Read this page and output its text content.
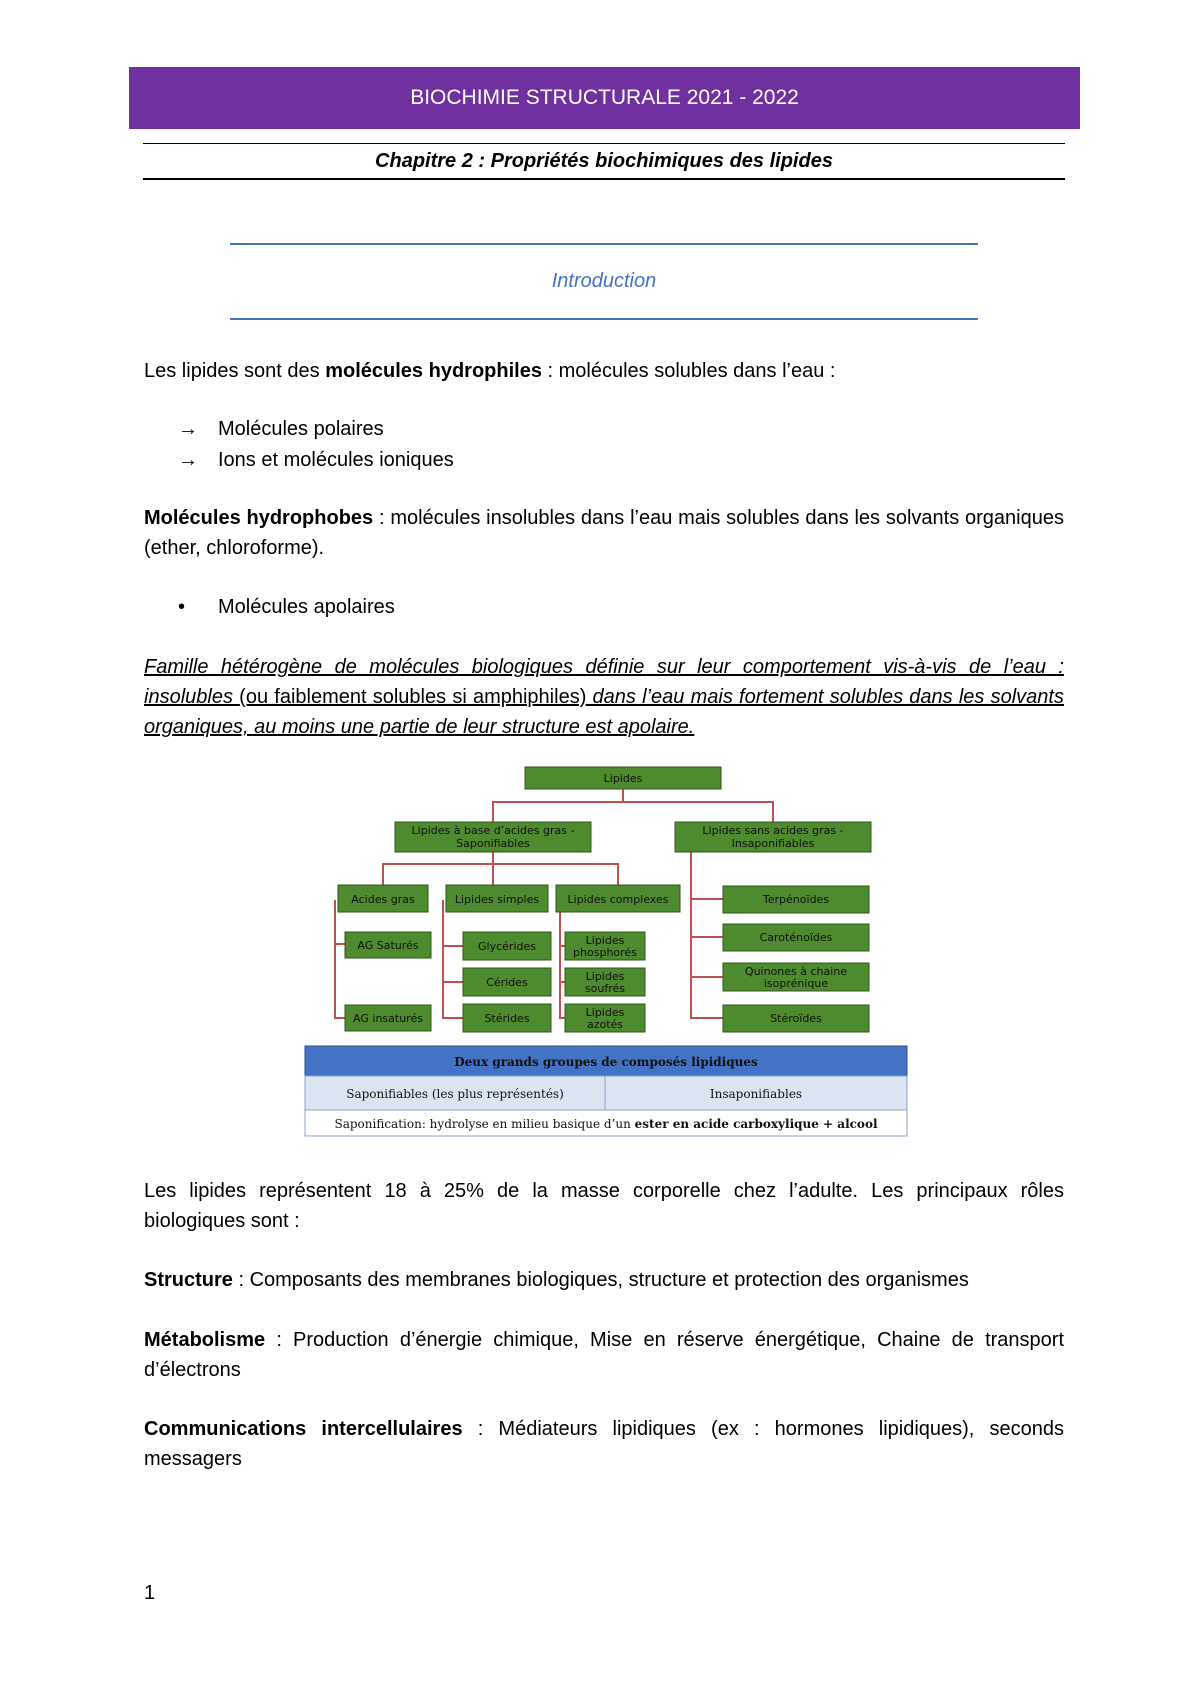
BIOCHIMIE STRUCTURALE 2021 - 2022
Chapitre 2 : Propriétés biochimiques des lipides
Introduction

Les lipides sont des molécules hydrophiles : molécules solubles dans l’eau :

→ Molécules polaires
→ Ions et molécules ioniques

Molécules hydrophobes : molécules insolubles dans l’eau mais solubles dans les solvants organiques (ether, chloroforme).

• Molécules apolaires

Famille hétérogène de molécules biologiques définie sur leur comportement vis-à-vis de l’eau : insolubles (ou faiblement solubles si amphiphiles) dans l’eau mais fortement solubles dans les solvants organiques, au moins une partie de leur structure est apolaire.

Lipides
Lipides à base d’acides gras -
Saponifiables
Lipides sans acides gras -
Insaponifiables
Acides gras	Lipides simples	Lipides complexes
AG Saturés
AG insaturés
Glycérides
Cérides
Stérides
Lipides
phosphorés
Lipides
soufrés
Lipides
azotés
Terpénoïdes
Caroténoïdes
Quinones à chaine
isoprénique
Stéroïdes
Deux grands groupes de composés lipidiques
Saponifiables (les plus représentés)	Insaponifiables
Saponification: hydrolyse en milieu basique d’un ester en acide carboxylique + alcool

Les lipides représentent 18 à 25% de la masse corporelle chez l’adulte. Les principaux rôles biologiques sont :

Structure : Composants des membranes biologiques, structure et protection des organismes

Métabolisme : Production d’énergie chimique, Mise en réserve énergétique, Chaine de transport d’électrons

Communications intercellulaires : Médiateurs lipidiques (ex : hormones lipidiques), seconds messagers

1
